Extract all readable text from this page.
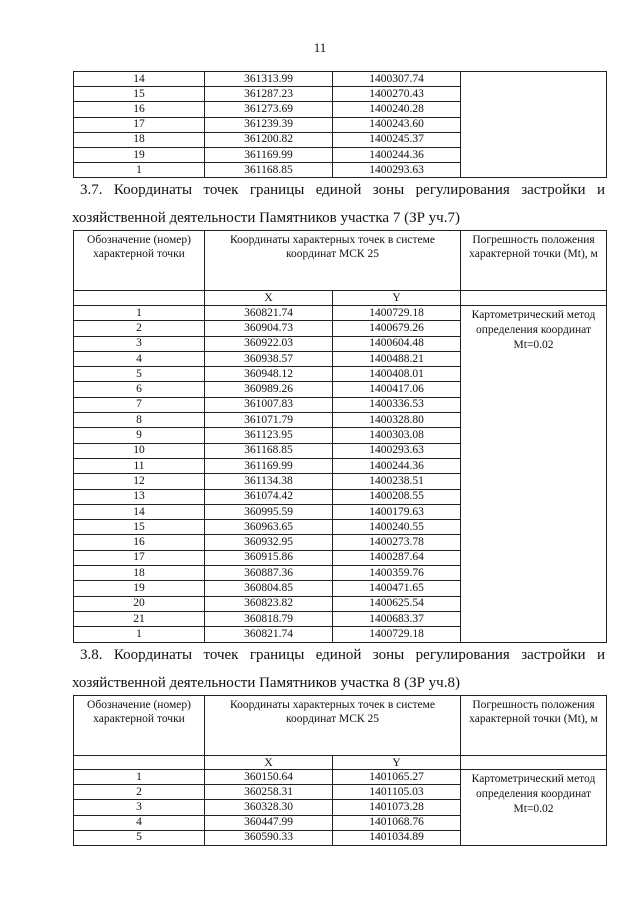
11
14	361313.99	1400307.74	
15	361287.23	1400270.43	
16	361273.69	1400240.28	
17	361239.39	1400243.60	
18	361200.82	1400245.37	
19	361169.99	1400244.36	
1	361168.85	1400293.63	
3.7. Координаты точек границы единой зоны регулирования застройки и
хозяйственной деятельности Памятников участка 7 (ЗР уч.7)
Обозначение (номер) характерной точки	Координаты характерных точек в системе координат МСК 25		Погрешность положения характерной точки (Mt), м
	X	Y	
1	360821.74	1400729.18	Картометрический метод определения координат Mt=0.02
2	360904.73	1400679.26	
3	360922.03	1400604.48	
4	360938.57	1400488.21	
5	360948.12	1400408.01	
6	360989.26	1400417.06	
7	361007.83	1400336.53	
8	361071.79	1400328.80	
9	361123.95	1400303.08	
10	361168.85	1400293.63	
11	361169.99	1400244.36	
12	361134.38	1400238.51	
13	361074.42	1400208.55	
14	360995.59	1400179.63	
15	360963.65	1400240.55	
16	360932.95	1400273.78	
17	360915.86	1400287.64	
18	360887.36	1400359.76	
19	360804.85	1400471.65	
20	360823.82	1400625.54	
21	360818.79	1400683.37	
1	360821.74	1400729.18	
3.8. Координаты точек границы единой зоны регулирования застройки и
хозяйственной деятельности Памятников участка 8 (ЗР уч.8)
Обозначение (номер) характерной точки	Координаты характерных точек в системе координат МСК 25		Погрешность положения характерной точки (Mt), м
	X	Y	
1	360150.64	1401065.27	Картометрический метод определения координат Mt=0.02
2	360258.31	1401105.03	
3	360328.30	1401073.28	
4	360447.99	1401068.76	
5	360590.33	1401034.89	
